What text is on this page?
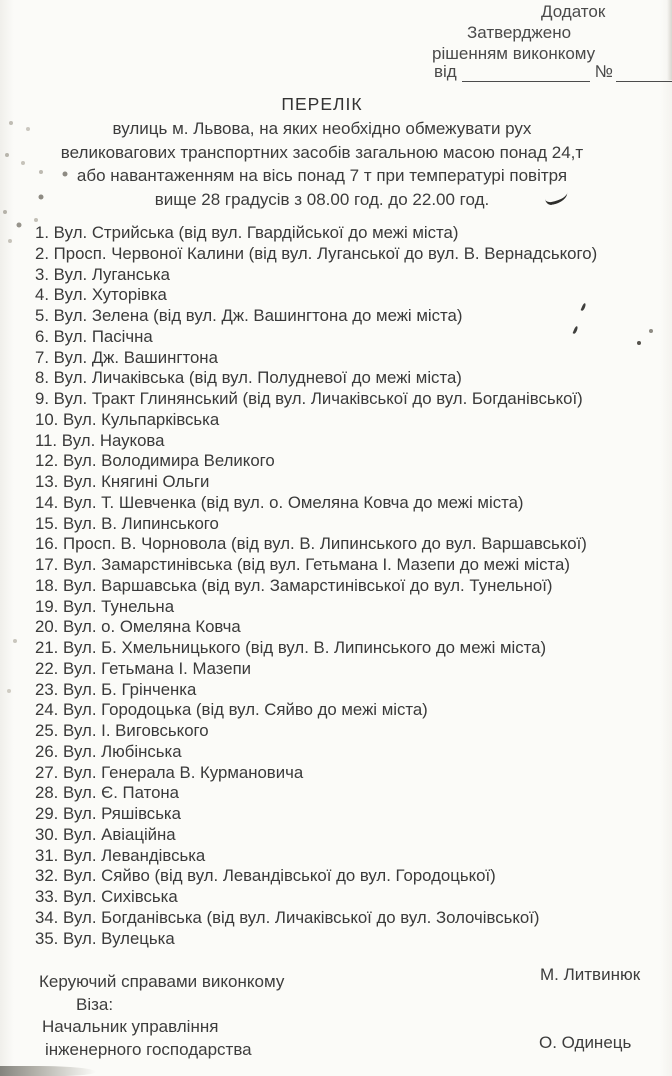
Додаток
Затверджено
рішенням виконкому
від	№
ПЕРЕЛІК
вулиць м. Львова, на яких необхідно обмежувати рух
великовагових транспортних засобів загальною масою понад 24,т
або навантаженням на вісь понад 7 т при температурі повітря
вище 28 градусів з 08.00 год. до 22.00 год.
1. Вул. Стрийська (від вул. Гвардійської до межі міста)
2. Просп. Червоної Калини (від вул. Луганської до вул. В. Вернадського)
3. Вул. Луганська
4. Вул. Хуторівка
5. Вул. Зелена (від вул. Дж. Вашингтона до межі міста)
6. Вул. Пасічна
7. Вул. Дж. Вашингтона
8. Вул. Личаківська (від вул. Полудневої до межі міста)
9. Вул. Тракт Глинянський (від вул. Личаківської до вул. Богданівської)
10. Вул. Кульпарківська
11. Вул. Наукова
12. Вул. Володимира Великого
13. Вул. Княгині Ольги
14. Вул. Т. Шевченка (від вул. о. Омеляна Ковча до межі міста)
15. Вул. В. Липинського
16. Просп. В. Чорновола (від вул. В. Липинського до вул. Варшавської)
17. Вул. Замарстинівська (від вул. Гетьмана І. Мазепи до межі міста)
18. Вул. Варшавська (від вул. Замарстинівської до вул. Тунельної)
19. Вул. Тунельна
20. Вул. о. Омеляна Ковча
21. Вул. Б. Хмельницького (від вул. В. Липинського до межі міста)
22. Вул. Гетьмана І. Мазепи
23. Вул. Б. Грінченка
24. Вул. Городоцька (від вул. Сяйво до межі міста)
25. Вул. І. Виговського
26. Вул. Любінська
27. Вул. Генерала В. Курмановича
28. Вул. Є. Патона
29. Вул. Ряшівська
30. Вул. Авіаційна
31. Вул. Левандівська
32. Вул. Сяйво (від вул. Левандівської до вул. Городоцької)
33. Вул. Сихівська
34. Вул. Богданівська (від вул. Личаківської до вул. Золочівської)
35. Вул. Вулецька
Керуючий справами виконкому	М. Литвинюк
Віза:
Начальник управління
інженерного господарства	О. Одинець
